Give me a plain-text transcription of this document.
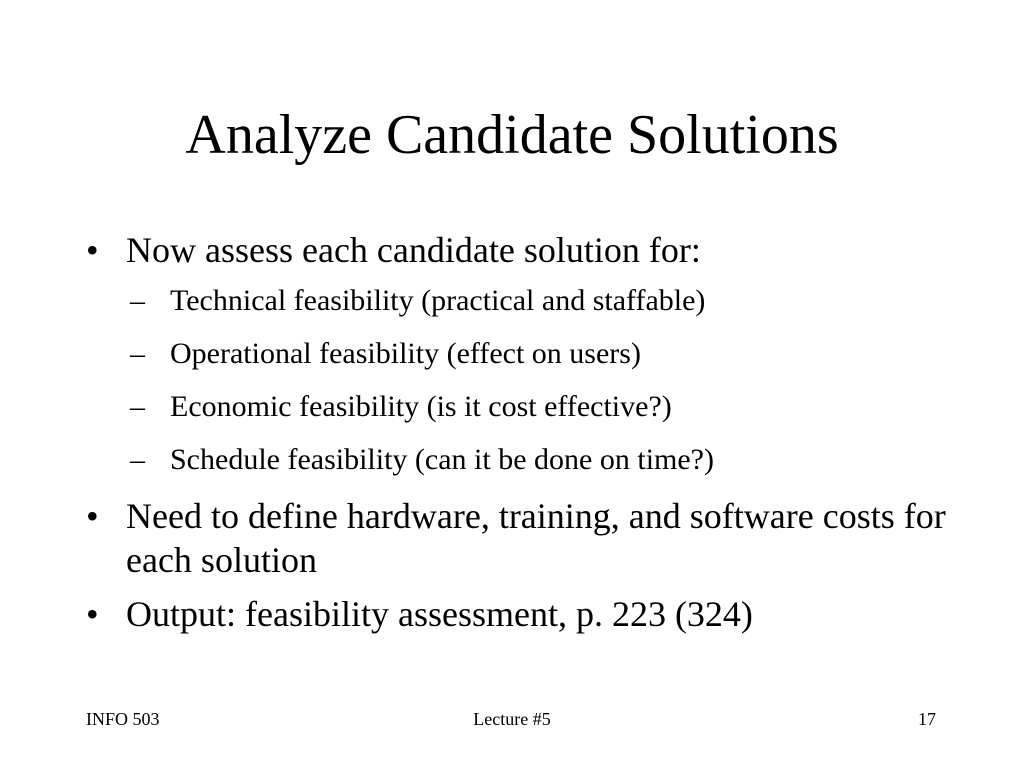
Analyze Candidate Solutions
• Now assess each candidate solution for:
– Technical feasibility (practical and staffable)
– Operational feasibility (effect on users)
– Economic feasibility (is it cost effective?)
– Schedule feasibility (can it be done on time?)
• Need to define hardware, training, and software costs for each solution
• Output: feasibility assessment, p. 223 (324)
INFO 503	Lecture #5	17
